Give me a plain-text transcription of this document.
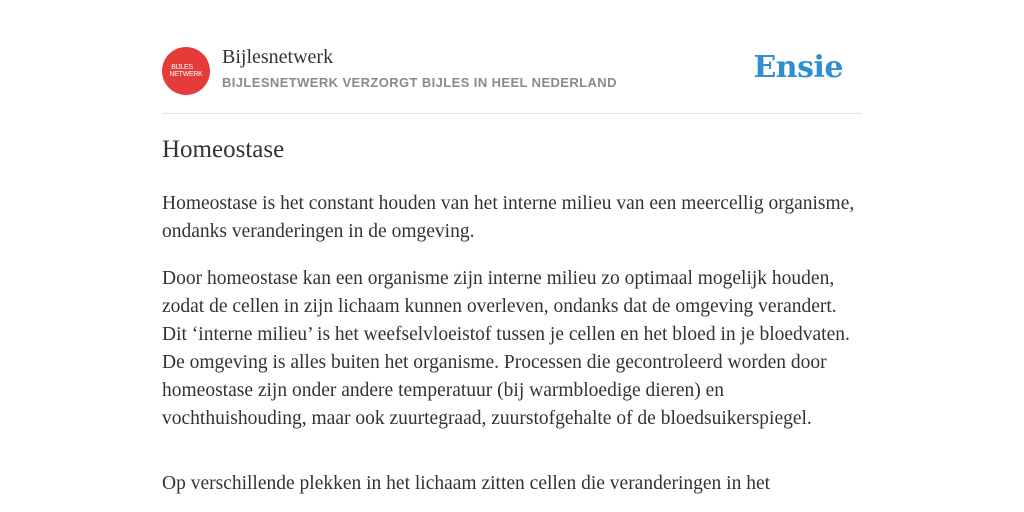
BIJLES
NETWERK
Bijlesnetwerk
BIJLESNETWERK VERZORGT BIJLES IN HEEL NEDERLAND	Ensie
Homeostase

Homeostase is het constant houden van het interne milieu van een meercellig organisme, ondanks veranderingen in de omgeving.

Door homeostase kan een organisme zijn interne milieu zo optimaal mogelijk houden, zodat de cellen in zijn lichaam kunnen overleven, ondanks dat de omgeving verandert. Dit ‘interne milieu’ is het weefselvloeistof tussen je cellen en het bloed in je bloedvaten. De omgeving is alles buiten het organisme. Processen die gecontroleerd worden door homeostase zijn onder andere temperatuur (bij warmbloedige dieren) en vochthuishouding, maar ook zuurtegraad, zuurstofgehalte of de bloedsuikerspiegel.

Op verschillende plekken in het lichaam zitten cellen die veranderingen in het
